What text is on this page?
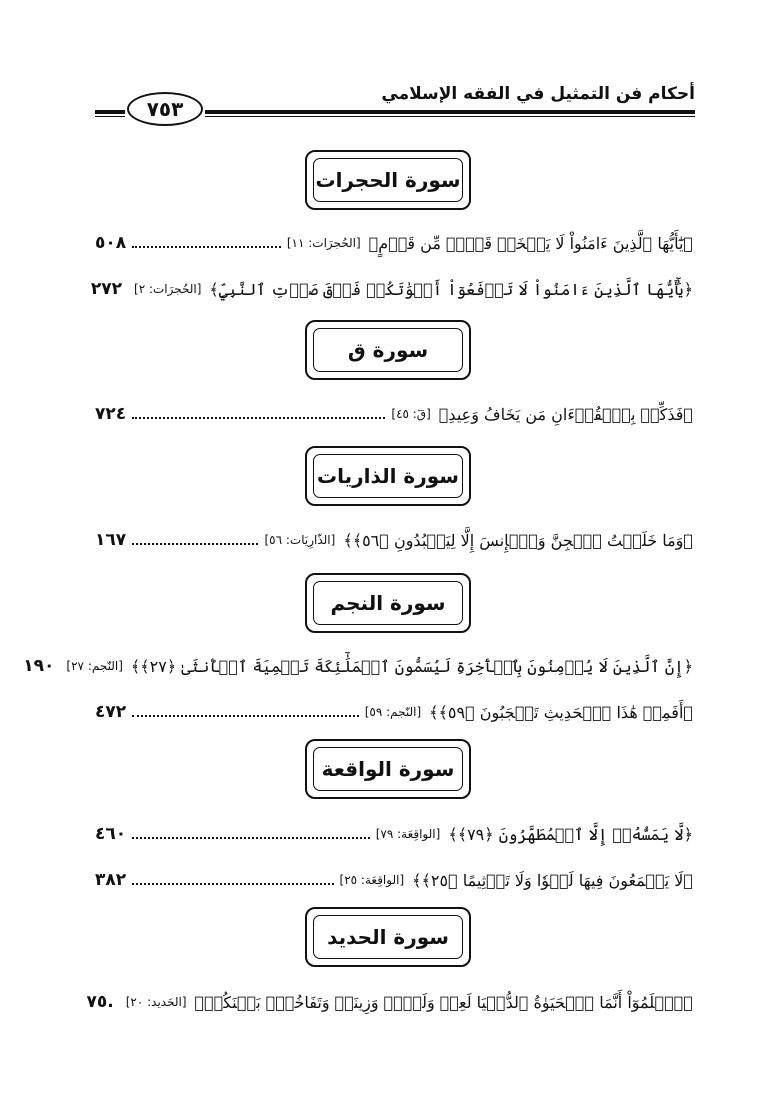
أحكام فن التمثيل في الفقه الإسلامي
٧٥٣
سورة الحجرات
﴿يَٰٓأَيُّهَا ٱلَّذِينَ ءَامَنُواْ لَا يَسۡخَرۡ قَوۡمٞ مِّن قَوۡمٍ﴾
[الحُجرَات: ١١]
٥٠٨
﴿يَٰٓأَيُّهَا ٱلَّذِينَ ءَامَنُواْ لَا تَرۡفَعُوٓاْ أَصۡوَٰتَكُمۡ فَوۡقَ صَوۡتِ ٱلنَّبِيِّ﴾
[الحُجرَات: ٢]
٢٧٢
سورة ق
﴿فَذَكِّرۡ بِٱلۡقُرۡءَانِ مَن يَخَافُ وَعِيدِ﴾
[قٓ: ٤٥]
٧٢٤
سورة الذاريات
﴿وَمَا خَلَقۡتُ ٱلۡجِنَّ وَٱلۡإِنسَ إِلَّا لِيَعۡبُدُونِ ﴿٥٦﴾﴾
[الذّارِيَات: ٥٦]
١٦٧
سورة النجم
﴿إِنَّ ٱلَّذِينَ لَا يُؤۡمِنُونَ بِٱلۡأٓخِرَةِ لَيُسَمُّونَ ٱلۡمَلَٰٓئِكَةَ تَسۡمِيَةَ ٱلۡأُنثَىٰ ﴿٢٧﴾﴾
[النّجم: ٢٧]
١٩٠
﴿أَفَمِنۡ هَٰذَا ٱلۡحَدِيثِ تَعۡجَبُونَ ﴿٥٩﴾﴾
[النّجم: ٥٩]
٤٧٢
سورة الواقعة
﴿لَّا يَمَسُّهُۥٓ إِلَّا ٱلۡمُطَهَّرُونَ ﴿٧٩﴾﴾
[الواقِعَة: ٧٩]
٤٦٠
﴿لَا يَسۡمَعُونَ فِيهَا لَغۡوٗا وَلَا تَأۡثِيمًا ﴿٢٥﴾﴾
[الواقِعَة: ٢٥]
٣٨٢
سورة الحديد
﴿ٱعۡلَمُوٓاْ أَنَّمَا ٱلۡحَيَوٰةُ ٱلدُّنۡيَا لَعِبٞ وَلَهۡوٞ وَزِينَةٞ وَتَفَاخُرُۢ بَيۡنَكُمۡ﴾
[الحَديد: ٢٠]
٧٥.
